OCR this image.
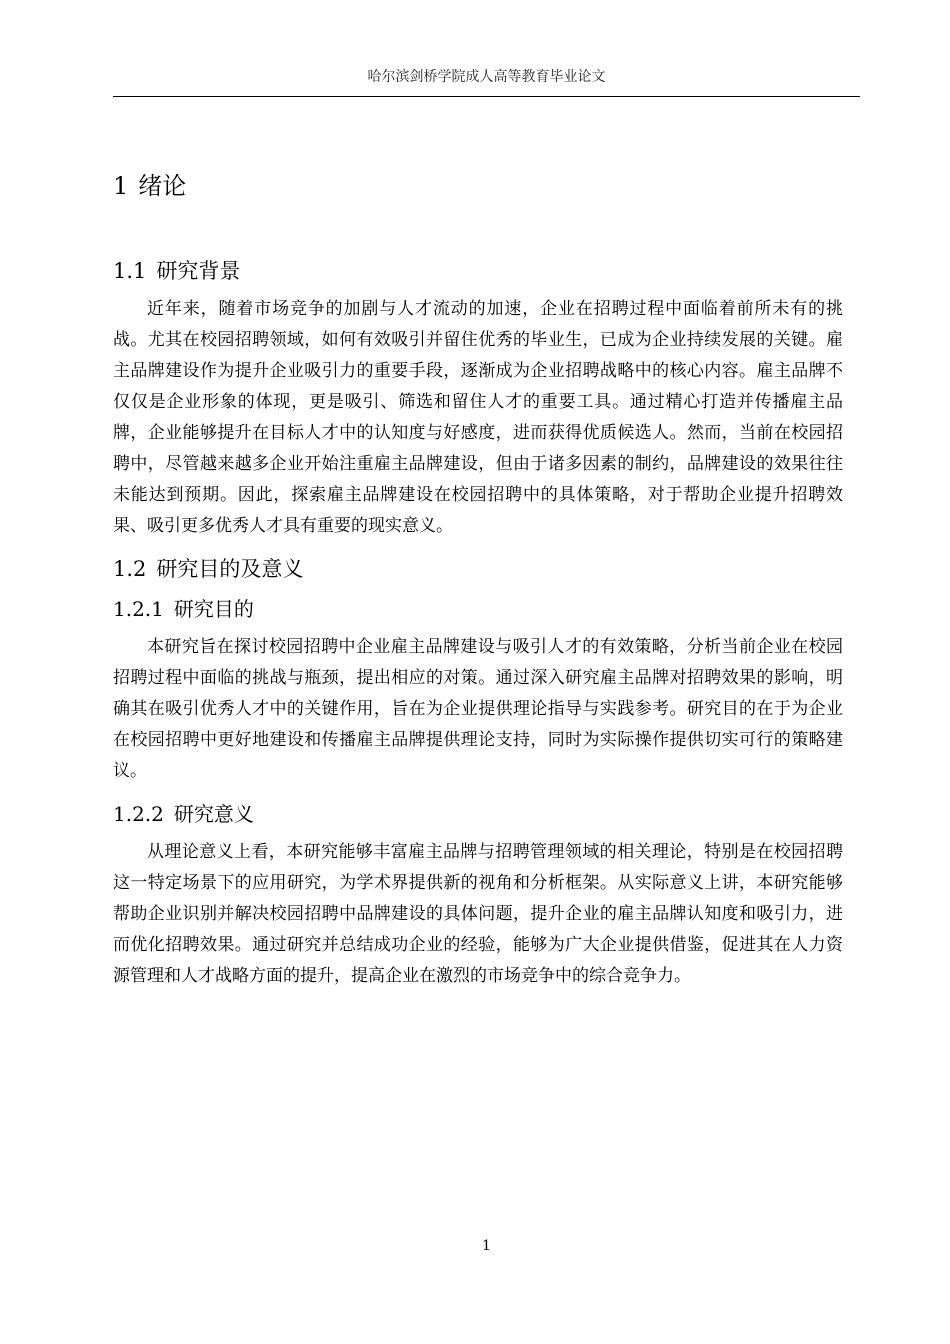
哈尔滨剑桥学院成人高等教育毕业论文
1 绪论
1.1 研究背景

近年来，随着市场竞争的加剧与人才流动的加速，企业在招聘过程中面临着前所未有的挑战。尤其在校园招聘领域，如何有效吸引并留住优秀的毕业生，已成为企业持续发展的关键。雇主品牌建设作为提升企业吸引力的重要手段，逐渐成为企业招聘战略中的核心内容。雇主品牌不仅仅是企业形象的体现，更是吸引、筛选和留住人才的重要工具。通过精心打造并传播雇主品牌，企业能够提升在目标人才中的认知度与好感度，进而获得优质候选人。然而，当前在校园招聘中，尽管越来越多企业开始注重雇主品牌建设，但由于诸多因素的制约，品牌建设的效果往往未能达到预期。因此，探索雇主品牌建设在校园招聘中的具体策略，对于帮助企业提升招聘效果、吸引更多优秀人才具有重要的现实意义。

1.2 研究目的及意义
1.2.1 研究目的

本研究旨在探讨校园招聘中企业雇主品牌建设与吸引人才的有效策略，分析当前企业在校园招聘过程中面临的挑战与瓶颈，提出相应的对策。通过深入研究雇主品牌对招聘效果的影响，明确其在吸引优秀人才中的关键作用，旨在为企业提供理论指导与实践参考。研究目的在于为企业在校园招聘中更好地建设和传播雇主品牌提供理论支持，同时为实际操作提供切实可行的策略建议。

1.2.2 研究意义

从理论意义上看，本研究能够丰富雇主品牌与招聘管理领域的相关理论，特别是在校园招聘这一特定场景下的应用研究，为学术界提供新的视角和分析框架。从实际意义上讲，本研究能够帮助企业识别并解决校园招聘中品牌建设的具体问题，提升企业的雇主品牌认知度和吸引力，进而优化招聘效果。通过研究并总结成功企业的经验，能够为广大企业提供借鉴，促进其在人力资源管理和人才战略方面的提升，提高企业在激烈的市场竞争中的综合竞争力。

1
